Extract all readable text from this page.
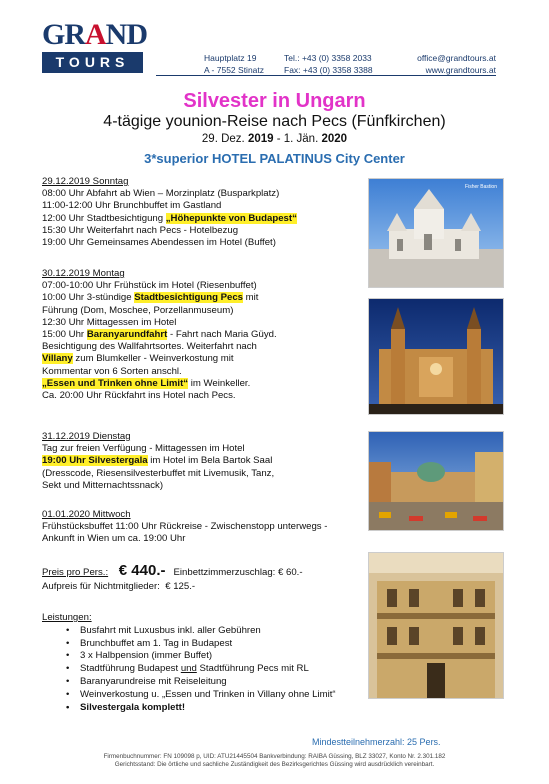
GRAND
TOURS	Hauptplatz 19
A - 7552 Stinatz
Tel.: +43 (0) 3358 2033
Fax: +43 (0) 3358 3388
office@grandtours.at
www.grandtours.at
Silvester in Ungarn
4-tägige younion-Reise nach Pecs (Fünfkirchen)
29. Dez. 2019 - 1. Jän. 2020
3*superior HOTEL PALATINUS City Center
29.12.2019 Sonntag
08:00 Uhr Abfahrt ab Wien – Morzinplatz (Busparkplatz)
11:00-12:00 Uhr Brunchbuffet im Gastland
12:00 Uhr Stadtbesichtigung „Höhepunkte von Budapest“
15:30 Uhr Weiterfahrt nach Pecs - Hotelbezug
19:00 Uhr Gemeinsames Abendessen im Hotel (Buffet)
30.12.2019 Montag
07:00-10:00 Uhr Frühstück im Hotel (Riesenbuffet)
10:00 Uhr 3-stündige Stadtbesichtigung Pecs mit
Führung (Dom, Moschee, Porzellanmuseum)
12:30 Uhr Mittagessen im Hotel
15:00 Uhr Baranyarundfahrt - Fahrt nach Maria Güyd.
Besichtigung des Wallfahrtsortes. Weiterfahrt nach
Villany zum Blumkeller - Weinverkostung mit
Kommentar von 6 Sorten anschl.
„Essen und Trinken ohne Limit“ im Weinkeller.
Ca. 20:00 Uhr Rückfahrt ins Hotel nach Pecs.
31.12.2019 Dienstag
Tag zur freien Verfügung - Mittagessen im Hotel
19:00 Uhr Silvestergala im Hotel im Bela Bartok Saal
(Dresscode, Riesensilvesterbuffet mit Livemusik, Tanz,
Sekt und Mitternachtssnack)
01.01.2020 Mittwoch
Frühstücksbuffet 11:00 Uhr Rückreise - Zwischenstopp unterwegs -
Ankunft in Wien um ca. 19:00 Uhr
Preis pro Pers.: € 440.- Einbettzimmerzuschlag: € 60.-
Aufpreis für Nichtmitglieder: € 125.-
Leistungen:
• Busfahrt mit Luxusbus inkl. aller Gebühren
• Brunchbuffet am 1. Tag in Budapest
• 3 x Halbpension (immer Buffet)
• Stadtführung Budapest und Stadtführung Pecs mit RL
• Baranyarundreise mit Reiseleitung
• Weinverkostung u. „Essen und Trinken in Villany ohne Limit“
• Silvestergala komplett!
Mindestteilnehmerzahl: 25 Pers.
Fisher Bastion
Firmenbuchnummer: FN 109098 p, UID: ATU21445504 Bankverbindung: RAIBA Güssing, BLZ 33027, Konto Nr. 2.301.182
Gerichtsstand: Die örtliche und sachliche Zuständigkeit des Bezirksgerichtes Güssing wird ausdrücklich vereinbart.
